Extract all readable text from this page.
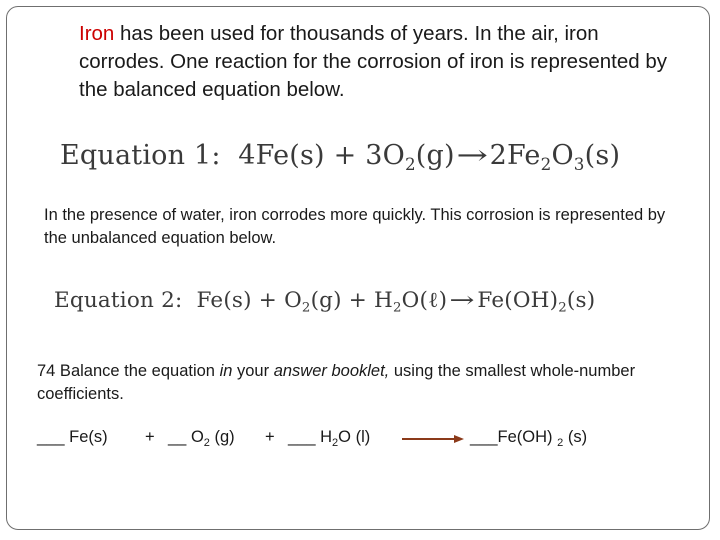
Iron has been used for thousands of years. In the air, iron corrodes. One reaction for the corrosion of iron is represented by the balanced equation below.
Equation 1: $4Fe(s) + 3O_2(g)\to 2Fe_2O_3(s)$
In the presence of water, iron corrodes more quickly. This corrosion is represented by the unbalanced equation below.
Equation 2: $Fe(s) + O_2(g)$ + $H_2O(\ell) \to Fe(OH)_2(s)$
74 Balance the equation in your answer booklet, using the smallest whole-number coefficients.
___ Fe(s) + __ $O_2$ (g) + ___ $H_2O$ (l) → ___Fe(OH) $_2$ (s)
